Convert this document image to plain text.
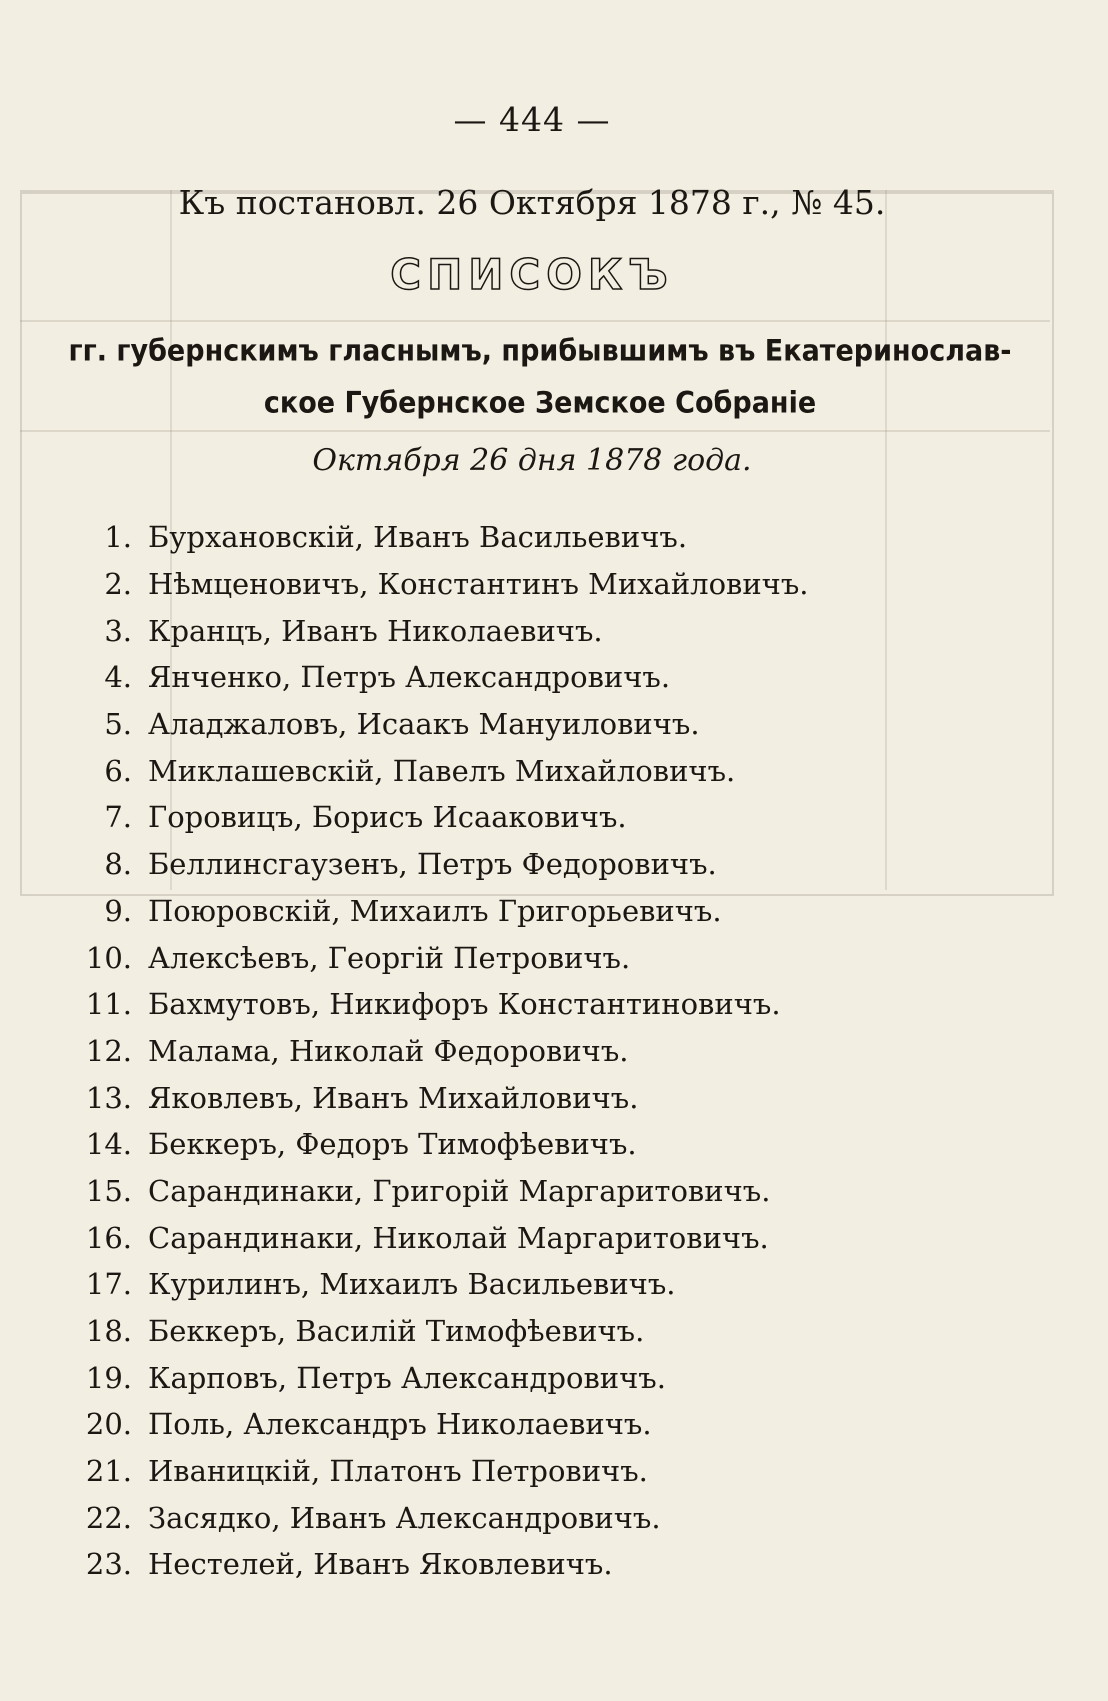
— 444 —
Къ постановл. 26 Октября 1878 г., № 45.
СПИСОКЪ
гг. губернскимъ гласнымъ, прибывшимъ въ Екатеринослав-
ское Губернское Земское Собраніе
Октября 26 дня 1878 года.
1. Бурхановскій, Иванъ Васильевичъ.
2. Нѣмценовичъ, Константинъ Михайловичъ.
3. Кранцъ, Иванъ Николаевичъ.
4. Янченко, Петръ Александровичъ.
5. Аладжаловъ, Исаакъ Мануиловичъ.
6. Миклашевскій, Павелъ Михайловичъ.
7. Горовицъ, Борисъ Исааковичъ.
8. Беллинсгаузенъ, Петръ Федоровичъ.
9. Поюровскій, Михаилъ Григорьевичъ.
10. Алексѣевъ, Георгій Петровичъ.
11. Бахмутовъ, Никифоръ Константиновичъ.
12. Малама, Николай Федоровичъ.
13. Яковлевъ, Иванъ Михайловичъ.
14. Беккеръ, Федоръ Тимофѣевичъ.
15. Сарандинаки, Григорій Маргаритовичъ.
16. Сарандинаки, Николай Маргаритовичъ.
17. Курилинъ, Михаилъ Васильевичъ.
18. Беккеръ, Василій Тимофѣевичъ.
19. Карповъ, Петръ Александровичъ.
20. Поль, Александръ Николаевичъ.
21. Иваницкій, Платонъ Петровичъ.
22. Засядко, Иванъ Александровичъ.
23. Нестелей, Иванъ Яковлевичъ.
